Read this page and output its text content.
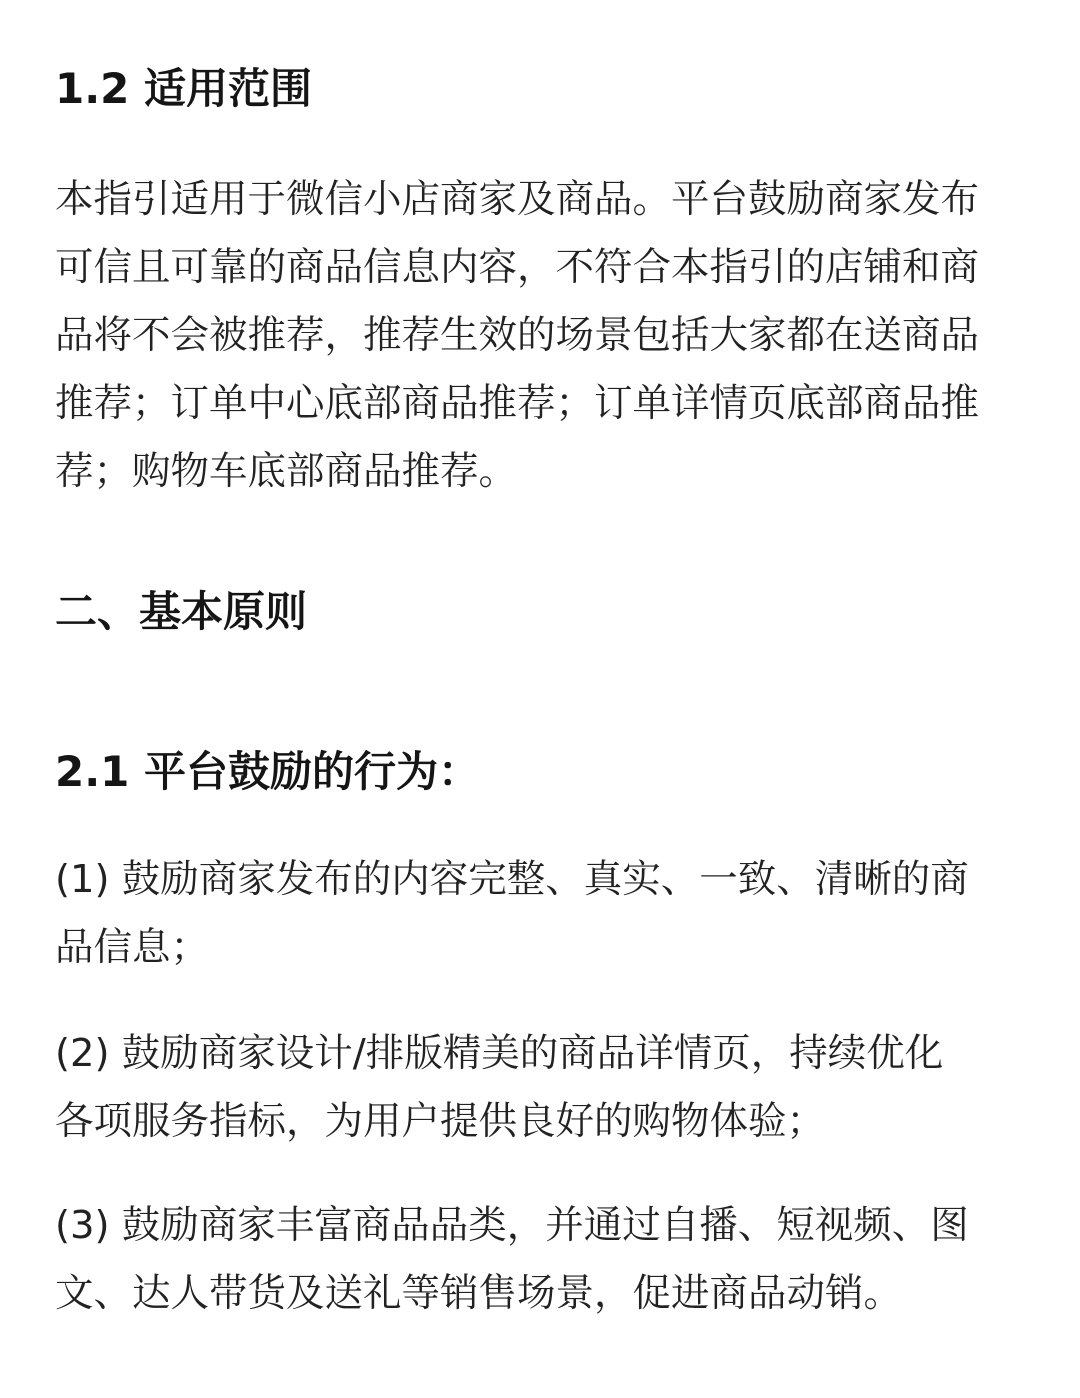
1.2 适用范围

本指引适用于微信小店商家及商品。平台鼓励商家发布
可信且可靠的商品信息内容，不符合本指引的店铺和商
品将不会被推荐，推荐生效的场景包括大家都在送商品
推荐；订单中心底部商品推荐；订单详情页底部商品推
荐；购物车底部商品推荐。

二、基本原则
2.1 平台鼓励的行为：

(1) 鼓励商家发布的内容完整、真实、一致、清晰的商
品信息；

(2) 鼓励商家设计/排版精美的商品详情页，持续优化
各项服务指标，为用户提供良好的购物体验；

(3) 鼓励商家丰富商品品类，并通过自播、短视频、图
文、达人带货及送礼等销售场景，促进商品动销。
